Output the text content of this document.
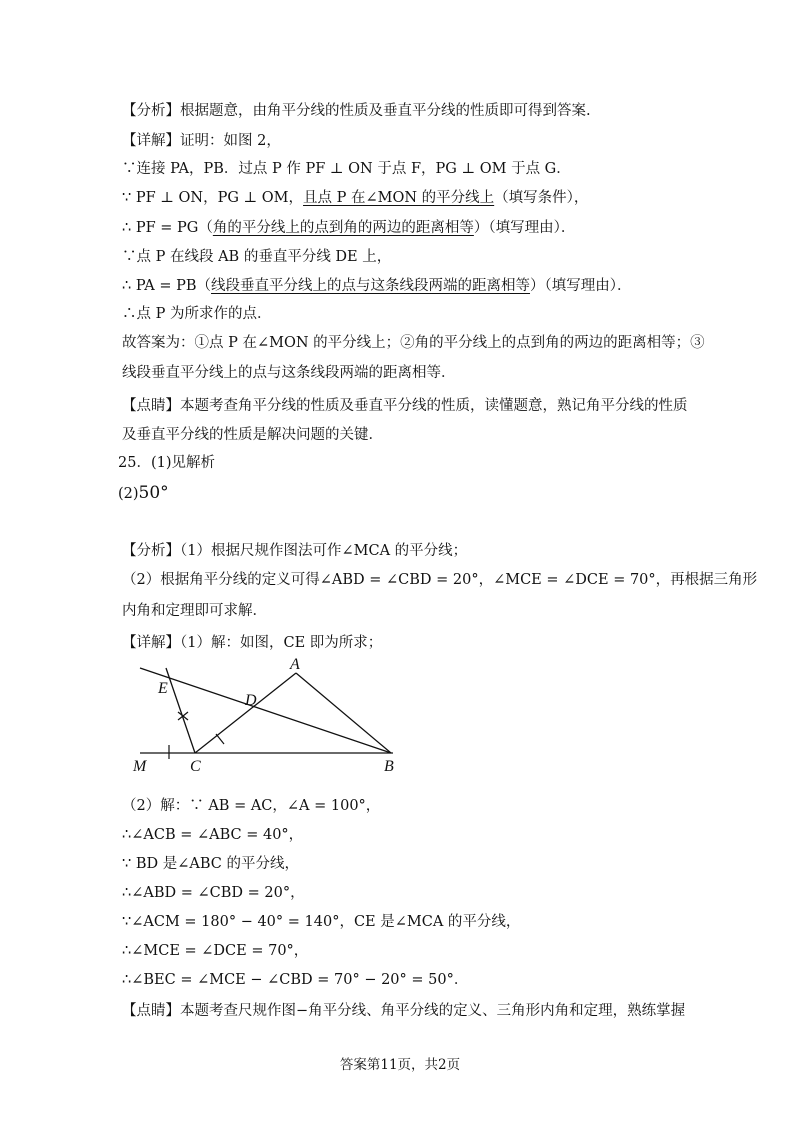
【分析】根据题意，由角平分线的性质及垂直平分线的性质即可得到答案.
【详解】证明：如图 2，
∵连接 PA，PB．过点 P 作 PF ⊥ ON 于点 F，PG ⊥ OM 于点 G．
∵ PF ⊥ ON，PG ⊥ OM，且点 P 在∠MON 的平分线上（填写条件），
∴ PF = PG（角的平分线上的点到角的两边的距离相等）（填写理由）．
∵点 P 在线段 AB 的垂直平分线 DE 上，
∴ PA = PB（线段垂直平分线上的点与这条线段两端的距离相等）（填写理由）．
∴点 P 为所求作的点．
故答案为：①点 P 在∠MON 的平分线上；②角的平分线上的点到角的两边的距离相等；③
线段垂直平分线上的点与这条线段两端的距离相等．
【点睛】本题考查角平分线的性质及垂直平分线的性质，读懂题意，熟记角平分线的性质
及垂直平分线的性质是解决问题的关键．
25．(1)见解析
(2)50°
【分析】（1）根据尺规作图法可作∠MCA 的平分线；
（2）根据角平分线的定义可得∠ABD = ∠CBD = 20°，∠MCE = ∠DCE = 70°，再根据三角形
内角和定理即可求解．
【详解】（1）解：如图，CE 即为所求；
A
B
C
D
E
M
（2）解：∵ AB = AC，∠A = 100°，
∴∠ACB = ∠ABC = 40°，
∵ BD 是∠ABC 的平分线，
∴∠ABD = ∠CBD = 20°，
∵∠ACM = 180° − 40° = 140°，CE 是∠MCA 的平分线，
∴∠MCE = ∠DCE = 70°，
∴∠BEC = ∠MCE − ∠CBD = 70° − 20° = 50°．
【点睛】本题考查尺规作图−角平分线、角平分线的定义、三角形内角和定理，熟练掌握
答案第11页，共2页
